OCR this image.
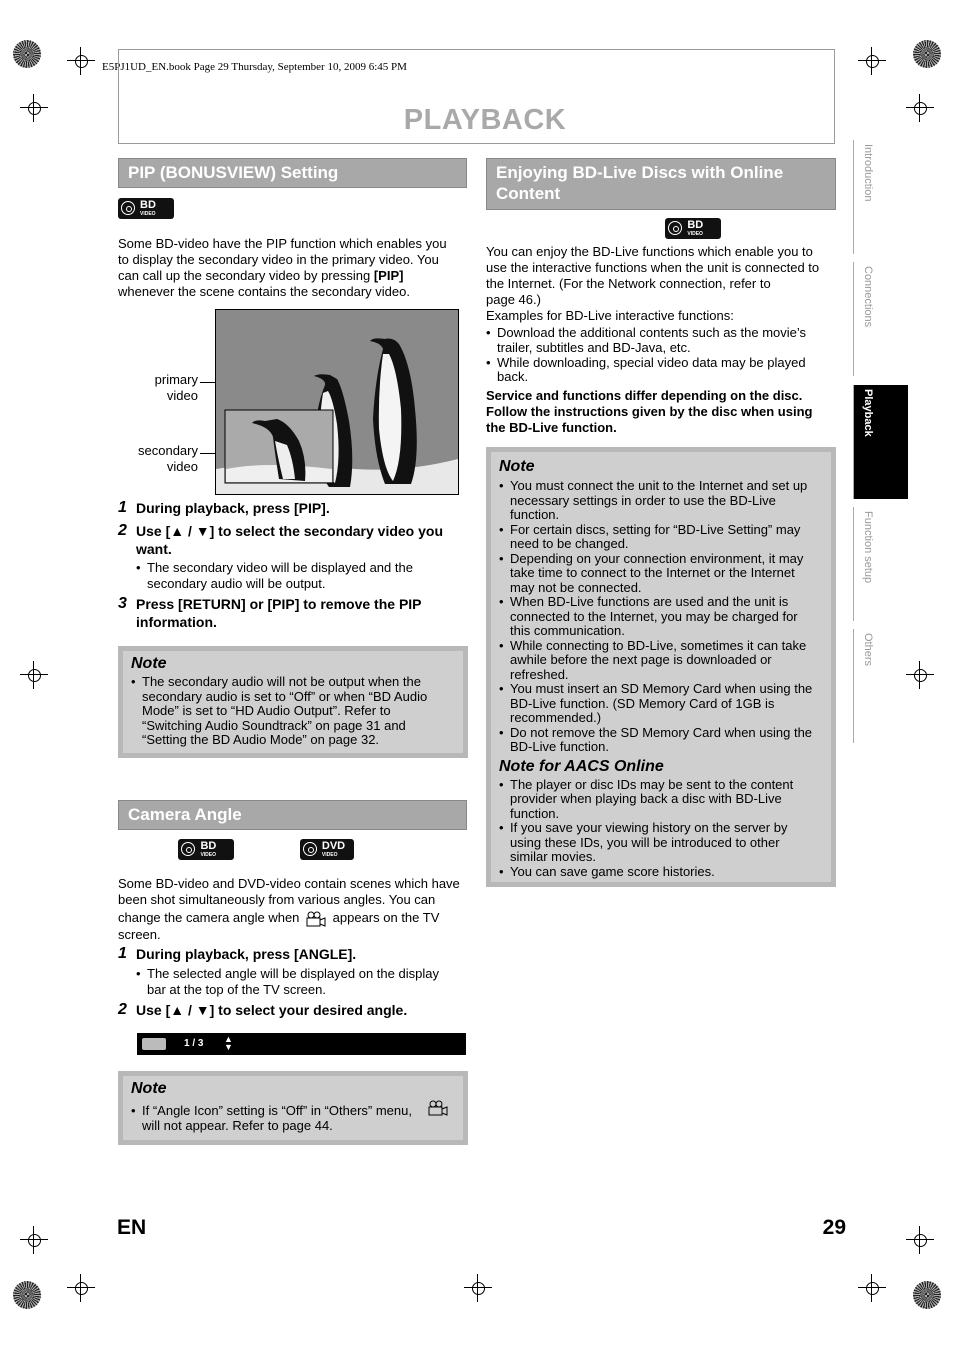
E5PJ1UD_EN.book Page 29 Thursday, September 10, 2009 6:45 PM
PLAYBACK
Introduction
Connections
Playback
Function setup
Others
PIP (BONUSVIEW) Setting
BD
VIDEO

Some BD-video have the PIP function which enables you
to display the secondary video in the primary video. You
can call up the secondary video by pressing [PIP]
whenever the scene contains the secondary video.
primary
video
secondary
video
1 During playback, press [PIP].
2 Use [▲ / ▼] to select the secondary video you
want.
• The secondary video will be displayed and the
secondary audio will be output.
3 Press [RETURN] or [PIP] to remove the PIP
information.
Note
• The secondary audio will not be output when the
• secondary audio is set to “Off” or when “BD Audio
• Mode” is set to “HD Audio Output”. Refer to
• “Switching Audio Soundtrack” on page 31 and
• “Setting the BD Audio Mode” on page 32.
Camera Angle
BD
VIDEO

DVD
VIDEO

Some BD-video and DVD-video contain scenes which have
been shot simultaneously from various angles. You can
change the camera angle when	appears on the TV
screen.
1 During playback, press [ANGLE].
• The selected angle will be displayed on the display
bar at the top of the TV screen.
2 Use [▲ / ▼] to select your desired angle.
1 / 3 ▲
▼
Note
• If “Angle Icon” setting is “Off” in “Others” menu,
will not appear. Refer to page 44.
Enjoying BD-Live Discs with Online
Content
BD
VIDEO
You can enjoy the BD-Live functions which enable you to
use the interactive functions when the unit is connected to
the Internet. (For the Network connection, refer to
page 46.)
Examples for BD-Live interactive functions:
• Download the additional contents such as the movie’s
trailer, subtitles and BD-Java, etc.
• While downloading, special video data may be played
back.
Service and functions differ depending on the disc.
Follow the instructions given by the disc when using
the BD-Live function.
Note
• You must connect the unit to the Internet and set up
necessary settings in order to use the BD-Live
function.
• For certain discs, setting for “BD-Live Setting” may
need to be changed.
• Depending on your connection environment, it may
take time to connect to the Internet or the Internet
may not be connected.
• When BD-Live functions are used and the unit is
connected to the Internet, you may be charged for
this communication.
• While connecting to BD-Live, sometimes it can take
awhile before the next page is downloaded or
refreshed.
• You must insert an SD Memory Card when using the
BD-Live function. (SD Memory Card of 1GB is
recommended.)
• Do not remove the SD Memory Card when using the
BD-Live function.
Note for AACS Online
• The player or disc IDs may be sent to the content
provider when playing back a disc with BD-Live
function.
• If you save your viewing history on the server by
using these IDs, you will be introduced to other
similar movies.
• You can save game score histories.
EN	29
